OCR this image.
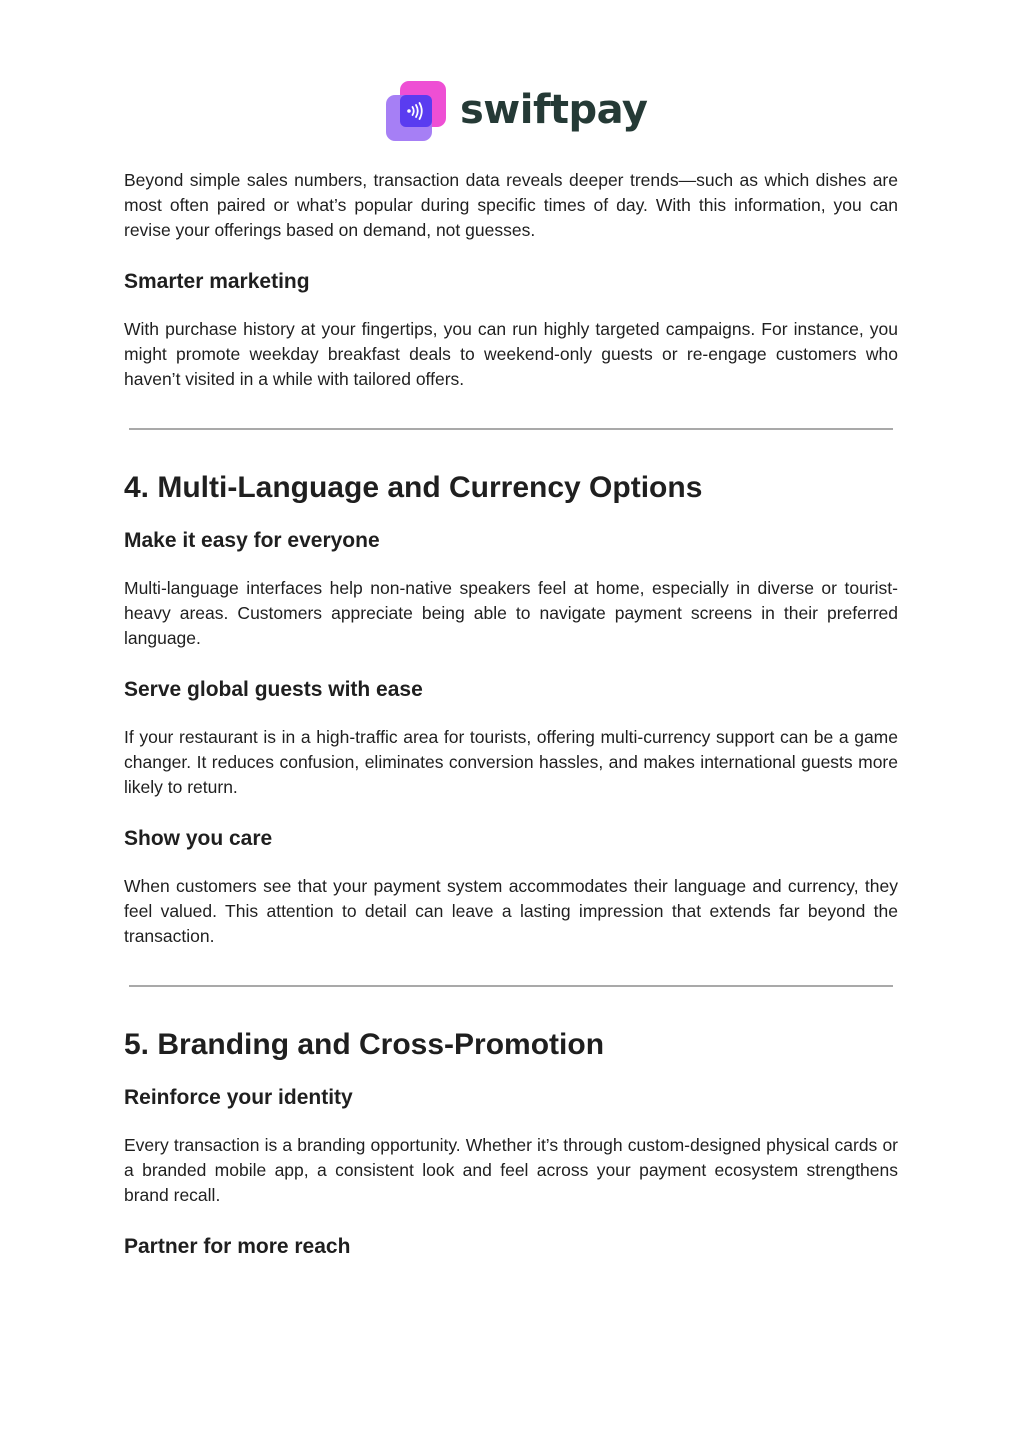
swiftpay

Beyond simple sales numbers, transaction data reveals deeper trends—such as which dishes are most often paired or what’s popular during specific times of day. With this information, you can revise your offerings based on demand, not guesses.

Smarter marketing

With purchase history at your fingertips, you can run highly targeted campaigns. For instance, you might promote weekday breakfast deals to weekend-only guests or re-engage customers who haven’t visited in a while with tailored offers.

4. Multi-Language and Currency Options
Make it easy for everyone

Multi-language interfaces help non-native speakers feel at home, especially in diverse or tourist-heavy areas. Customers appreciate being able to navigate payment screens in their preferred language.

Serve global guests with ease

If your restaurant is in a high-traffic area for tourists, offering multi-currency support can be a game changer. It reduces confusion, eliminates conversion hassles, and makes international guests more likely to return.

Show you care

When customers see that your payment system accommodates their language and currency, they feel valued. This attention to detail can leave a lasting impression that extends far beyond the transaction.

5. Branding and Cross-Promotion
Reinforce your identity

Every transaction is a branding opportunity. Whether it’s through custom-designed physical cards or a branded mobile app, a consistent look and feel across your payment ecosystem strengthens brand recall.

Partner for more reach
